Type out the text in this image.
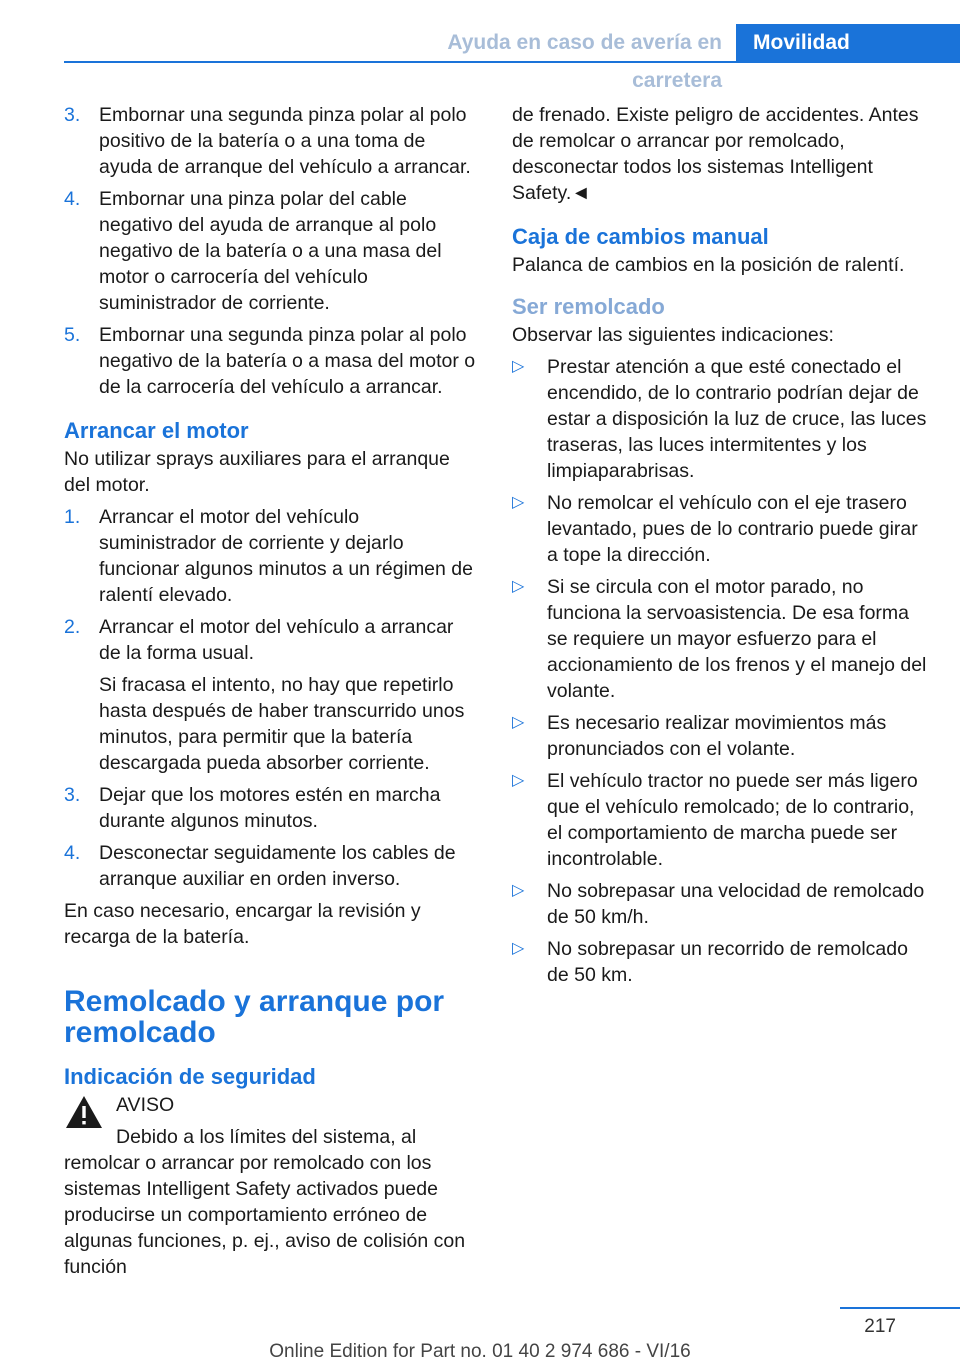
Ayuda en caso de avería en carretera
Movilidad
3. Embornar una segunda pinza polar al polo positivo de la batería o a una toma de ayuda de arranque del vehículo a arrancar.
4. Embornar una pinza polar del cable negativo del ayuda de arranque al polo negativo de la batería o a una masa del motor o carrocería del vehículo suministrador de corriente.
5. Embornar una segunda pinza polar al polo negativo de la batería o a masa del motor o de la carrocería del vehículo a arrancar.
Arrancar el motor
No utilizar sprays auxiliares para el arranque del motor.
1. Arrancar el motor del vehículo suministrador de corriente y dejarlo funcionar algunos minutos a un régimen de ralentí elevado.
2. Arrancar el motor del vehículo a arrancar de la forma usual.
Si fracasa el intento, no hay que repetirlo hasta después de haber transcurrido unos minutos, para permitir que la batería descargada pueda absorber corriente.
3. Dejar que los motores estén en marcha durante algunos minutos.
4. Desconectar seguidamente los cables de arranque auxiliar en orden inverso.
En caso necesario, encargar la revisión y recarga de la batería.
Remolcado y arranque por remolcado
Indicación de seguridad
AVISO
Debido a los límites del sistema, al remolcar o arrancar por remolcado con los sistemas Intelligent Safety activados puede producirse un comportamiento erróneo de algunas funciones, p. ej., aviso de colisión con función
de frenado. Existe peligro de accidentes. Antes de remolcar o arrancar por remolcado, desconectar todos los sistemas Intelligent Safety.◄
Caja de cambios manual
Palanca de cambios en la posición de ralentí.
Ser remolcado
Observar las siguientes indicaciones:
▷ Prestar atención a que esté conectado el encendido, de lo contrario podrían dejar de estar a disposición la luz de cruce, las luces traseras, las luces intermitentes y los limpiaparabrisas.
▷ No remolcar el vehículo con el eje trasero levantado, pues de lo contrario puede girar a tope la dirección.
▷ Si se circula con el motor parado, no funciona la servoasistencia. De esa forma se requiere un mayor esfuerzo para el accionamiento de los frenos y el manejo del volante.
▷ Es necesario realizar movimientos más pronunciados con el volante.
▷ El vehículo tractor no puede ser más ligero que el vehículo remolcado; de lo contrario, el comportamiento de marcha puede ser incontrolable.
▷ No sobrepasar una velocidad de remolcado de 50 km/h.
▷ No sobrepasar un recorrido de remolcado de 50 km.
217
Online Edition for Part no. 01 40 2 974 686 - VI/16
